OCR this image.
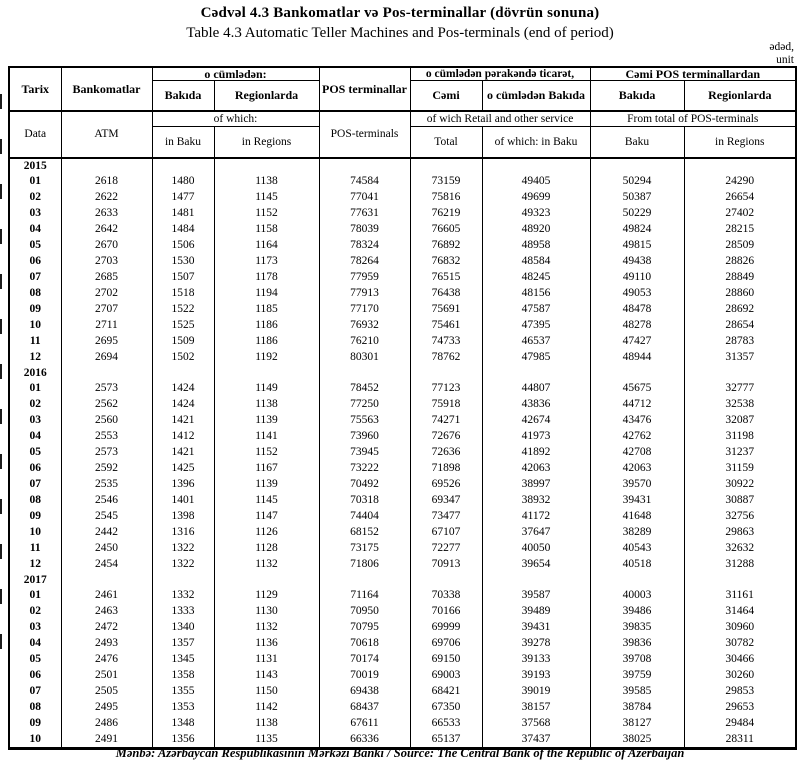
Cədvəl 4.3 Bankomatlar və Pos-terminallar (dövrün sonuna)
Table 4.3 Automatic Teller Machines and Pos-terminals (end of period)
ədəd,
unit
Tarix	Bankomatlar	o cümlədən:		POS terminallar	o cümlədən pərakəndə ticarət,		Cəmi POS terminallardan	
		Bakıda	Regionlarda		Cəmi	o cümlədən Bakıda	Bakıda	Regionlarda
Data	ATM	of which:		POS-terminals	of wich Retail and other service		From total of POS-terminals	
		in Baku	in Regions		Total	of which: in Baku	Baku	in Regions
2015								
01	2618	1480	1138	74584	73159	49405	50294	24290
02	2622	1477	1145	77041	75816	49699	50387	26654
03	2633	1481	1152	77631	76219	49323	50229	27402
04	2642	1484	1158	78039	76605	48920	49824	28215
05	2670	1506	1164	78324	76892	48958	49815	28509
06	2703	1530	1173	78264	76832	48584	49438	28826
07	2685	1507	1178	77959	76515	48245	49110	28849
08	2702	1518	1194	77913	76438	48156	49053	28860
09	2707	1522	1185	77170	75691	47587	48478	28692
10	2711	1525	1186	76932	75461	47395	48278	28654
11	2695	1509	1186	76210	74733	46537	47427	28783
12	2694	1502	1192	80301	78762	47985	48944	31357
2016								
01	2573	1424	1149	78452	77123	44807	45675	32777
02	2562	1424	1138	77250	75918	43836	44712	32538
03	2560	1421	1139	75563	74271	42674	43476	32087
04	2553	1412	1141	73960	72676	41973	42762	31198
05	2573	1421	1152	73945	72636	41892	42708	31237
06	2592	1425	1167	73222	71898	42063	42063	31159
07	2535	1396	1139	70492	69526	38997	39570	30922
08	2546	1401	1145	70318	69347	38932	39431	30887
09	2545	1398	1147	74404	73477	41172	41648	32756
10	2442	1316	1126	68152	67107	37647	38289	29863
11	2450	1322	1128	73175	72277	40050	40543	32632
12	2454	1322	1132	71806	70913	39654	40518	31288
2017								
01	2461	1332	1129	71164	70338	39587	40003	31161
02	2463	1333	1130	70950	70166	39489	39486	31464
03	2472	1340	1132	70795	69999	39431	39835	30960
04	2493	1357	1136	70618	69706	39278	39836	30782
05	2476	1345	1131	70174	69150	39133	39708	30466
06	2501	1358	1143	70019	69003	39193	39759	30260
07	2505	1355	1150	69438	68421	39019	39585	29853
08	2495	1353	1142	68437	67350	38157	38784	29653
09	2486	1348	1138	67611	66533	37568	38127	29484
10	2491	1356	1135	66336	65137	37437	38025	28311
Mənbə: Azərbaycan Respublikasının Mərkəzi Bankı / Source: The Central Bank of the Republic of Azerbaijan
